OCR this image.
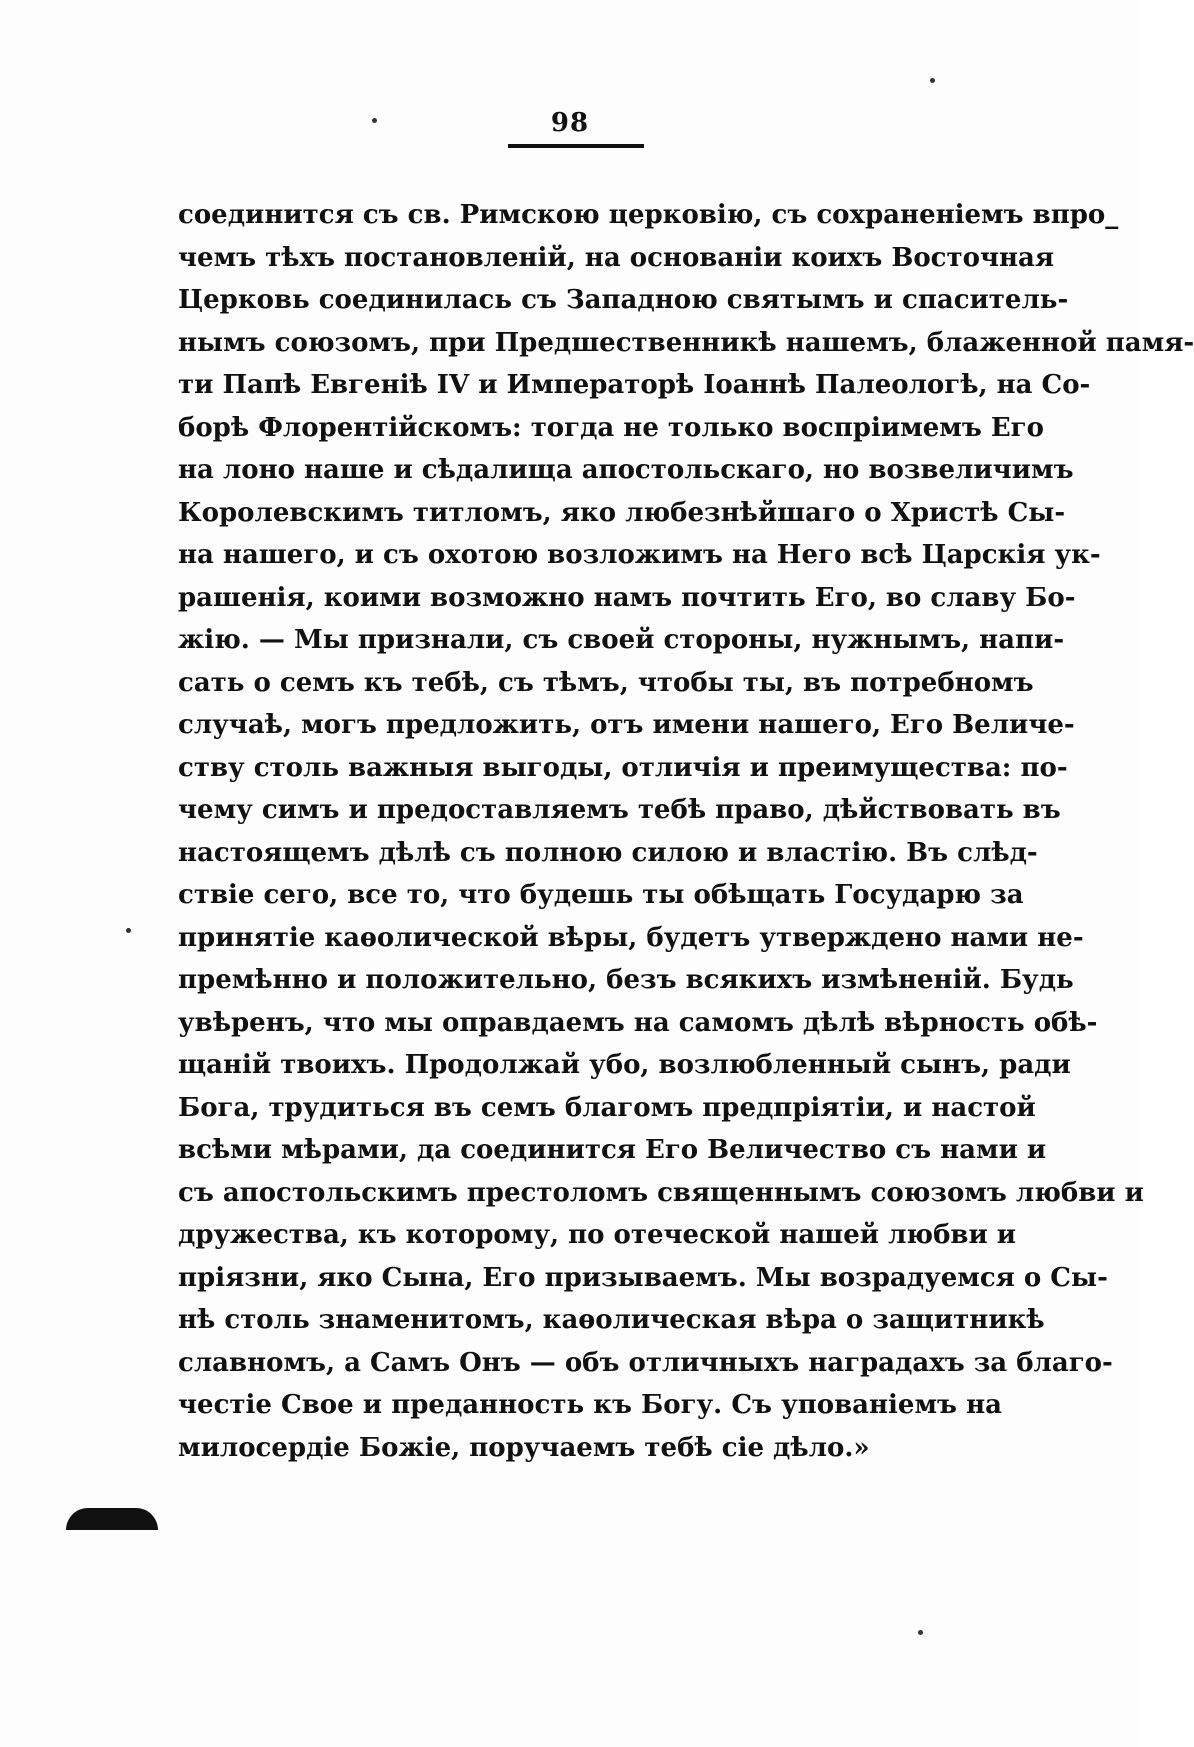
98
соединится съ св. Римскою церковію, съ сохраненіемъ впро_
чемъ тѣхъ постановленій, на основаніи коихъ Восточная
Церковь соединилась съ Западною святымъ и спаситель-
нымъ союзомъ, при Предшественникѣ нашемъ, блаженной памя-
ти Папѣ Евгеніѣ IV и Императорѣ Іоаннѣ Палеологѣ, на Со-
борѣ Флорентійскомъ: тогда не только воспріимемъ Его
на лоно наше и сѣдалища апостольскаго, но возвеличимъ
Королевскимъ титломъ, яко любезнѣйшаго о Христѣ Сы-
на нашего, и съ охотою возложимъ на Него всѣ Царскія ук-
рашенія, коими возможно намъ почтить Его, во славу Бо-
жію. — Мы признали, съ своей стороны, нужнымъ, напи-
сать о семъ къ тебѣ, съ тѣмъ, чтобы ты, въ потребномъ
случаѣ, могъ предложить, отъ имени нашего, Его Величе-
ству столь важныя выгоды, отличія и преимущества: по-
чему симъ и предоставляемъ тебѣ право, дѣйствовать въ
настоящемъ дѣлѣ съ полною силою и властію. Въ слѣд-
ствіе сего, все то, что будешь ты обѣщать Государю за
принятіе каѳолической вѣры, будетъ утверждено нами не-
премѣнно и положительно, безъ всякихъ измѣненій. Будь
увѣренъ, что мы оправдаемъ на самомъ дѣлѣ вѣрность обѣ-
щаній твоихъ. Продолжай убо, возлюбленный сынъ, ради
Бога, трудиться въ семъ благомъ предпріятіи, и настой
всѣми мѣрами, да соединится Его Величество съ нами и
съ апостольскимъ престоломъ священнымъ союзомъ любви и
дружества, къ которому, по отеческой нашей любви и
пріязни, яко Сына, Его призываемъ. Мы возрадуемся о Сы-
нѣ столь знаменитомъ, каѳолическая вѣра о защитникѣ
славномъ, а Самъ Онъ — объ отличныхъ наградахъ за благо-
честіе Свое и преданность къ Богу. Съ упованіемъ на
милосердіе Божіе, поручаемъ тебѣ сіе дѣло.»
